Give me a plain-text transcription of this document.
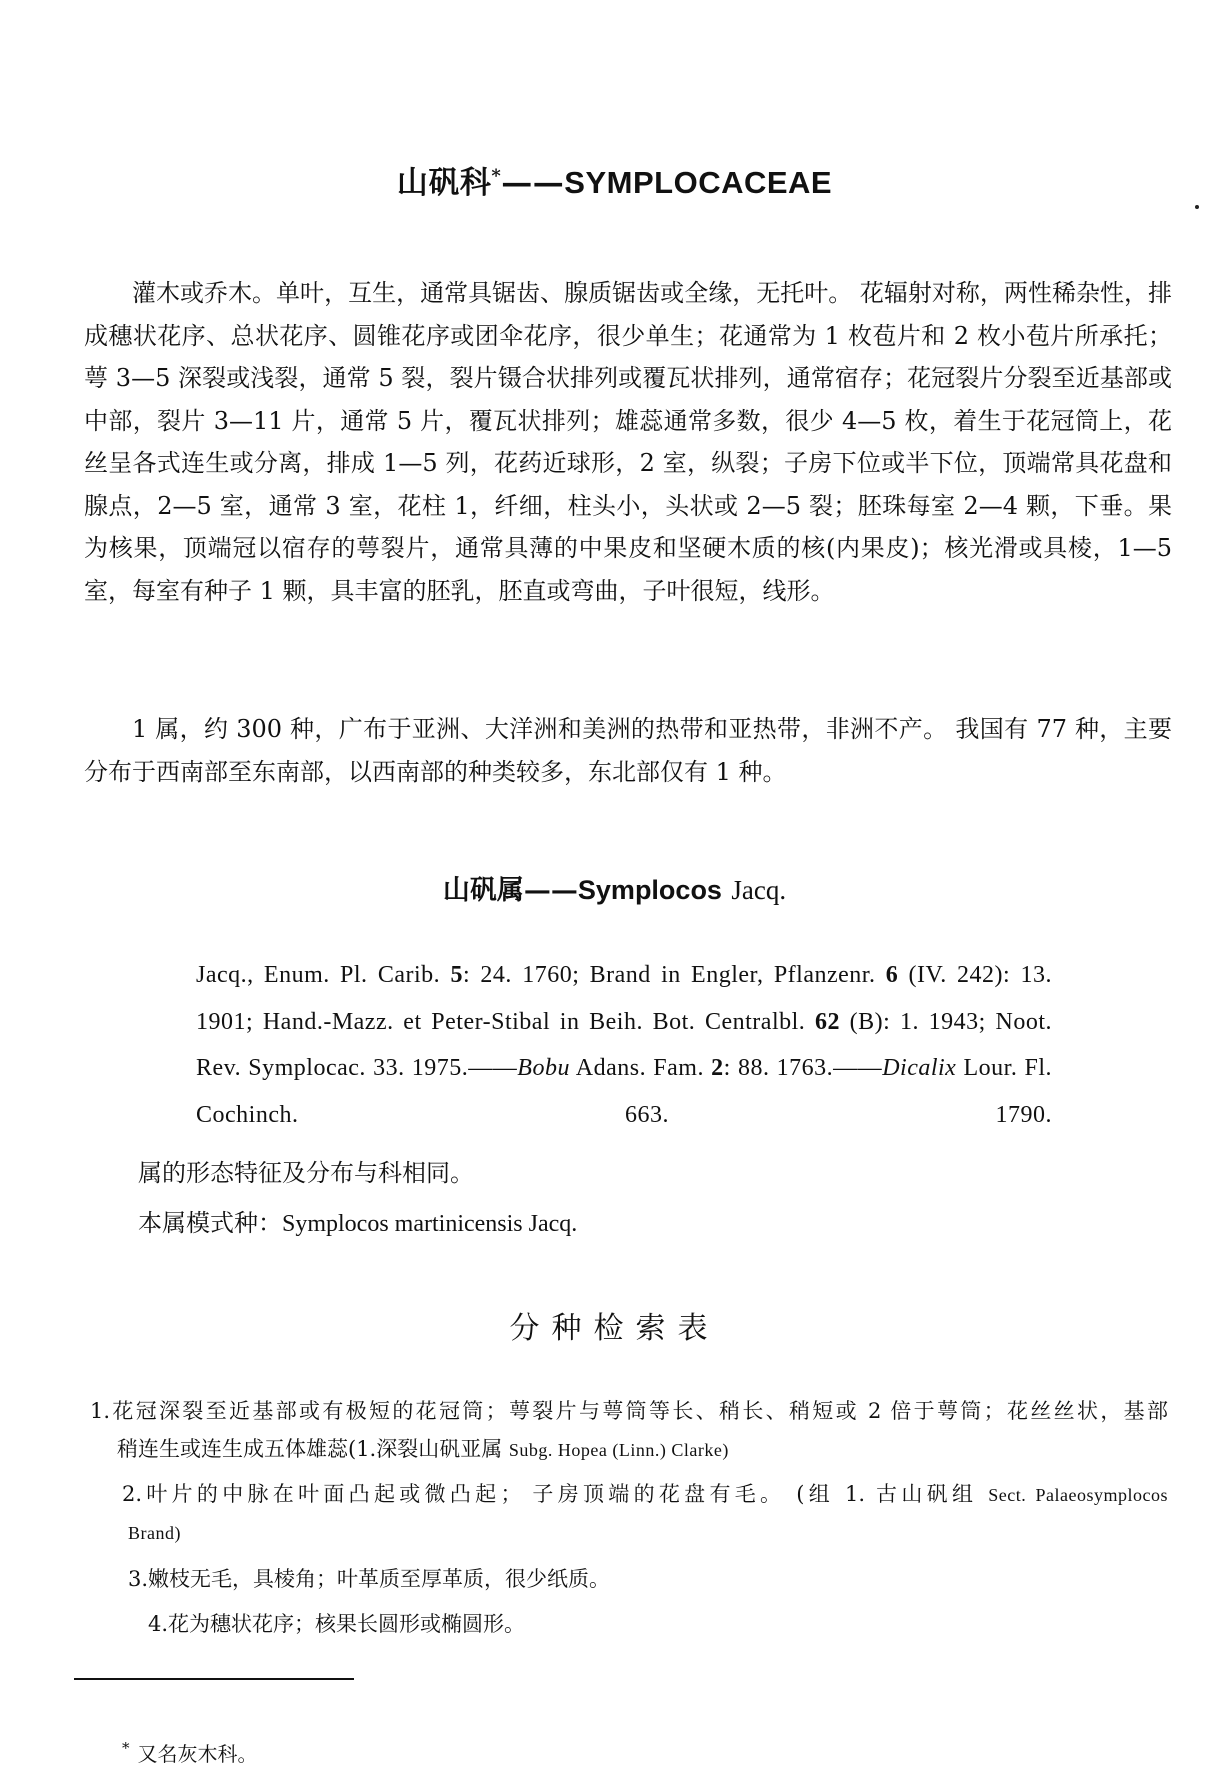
山矾科*——SYMPLOCACEAE

灌木或乔木。单叶，互生，通常具锯齿、腺质锯齿或全缘，无托叶。 花辐射对称，两性稀杂性，排成穗状花序、总状花序、圆锥花序或团伞花序，很少单生；花通常为 1 枚苞片和 2 枚小苞片所承托；萼 3—5 深裂或浅裂，通常 5 裂，裂片镊合状排列或覆瓦状排列，通常宿存；花冠裂片分裂至近基部或中部，裂片 3—11 片，通常 5 片，覆瓦状排列；雄蕊通常多数，很少 4—5 枚，着生于花冠筒上，花丝呈各式连生或分离，排成 1—5 列，花药近球形，2 室，纵裂；子房下位或半下位，顶端常具花盘和腺点，2—5 室，通常 3 室，花柱 1，纤细，柱头小，头状或 2—5 裂；胚珠每室 2—4 颗，下垂。果为核果，顶端冠以宿存的萼裂片，通常具薄的中果皮和坚硬木质的核(内果皮)；核光滑或具棱，1—5 室，每室有种子 1 颗，具丰富的胚乳，胚直或弯曲，子叶很短，线形。

1 属，约 300 种，广布于亚洲、大洋洲和美洲的热带和亚热带，非洲不产。 我国有 77 种，主要分布于西南部至东南部，以西南部的种类较多，东北部仅有 1 种。

山矾属——Symplocos Jacq.

Jacq., Enum. Pl. Carib. 5: 24. 1760; Brand in Engler, Pflanzenr. 6 (IV. 242): 13. 1901; Hand.-Mazz. et Peter-Stibal in Beih. Bot. Centralbl. 62 (B): 1. 1943; Noot. Rev. Symplocac. 33. 1975.——Bobu Adans. Fam. 2: 88. 1763.——Dicalix Lour. Fl. Cochinch. 663. 1790.

属的形态特征及分布与科相同。

本属模式种：Symplocos martinicensis Jacq.

分种检索表

1.花冠深裂至近基部或有极短的花冠筒；萼裂片与萼筒等长、稍长、稍短或 2 倍于萼筒；花丝丝状，基部

稍连生或连生成五体雄蕊(1.深裂山矾亚属 Subg. Hopea (Linn.) Clarke)

2.叶片的中脉在叶面凸起或微凸起； 子房顶端的花盘有毛。 (组 1. 古山矾组 Sect. Palaeosymplocos

Brand)

3.嫩枝无毛，具棱角；叶革质至厚革质，很少纸质。

4.花为穗状花序；核果长圆形或椭圆形。

* 又名灰木科。
